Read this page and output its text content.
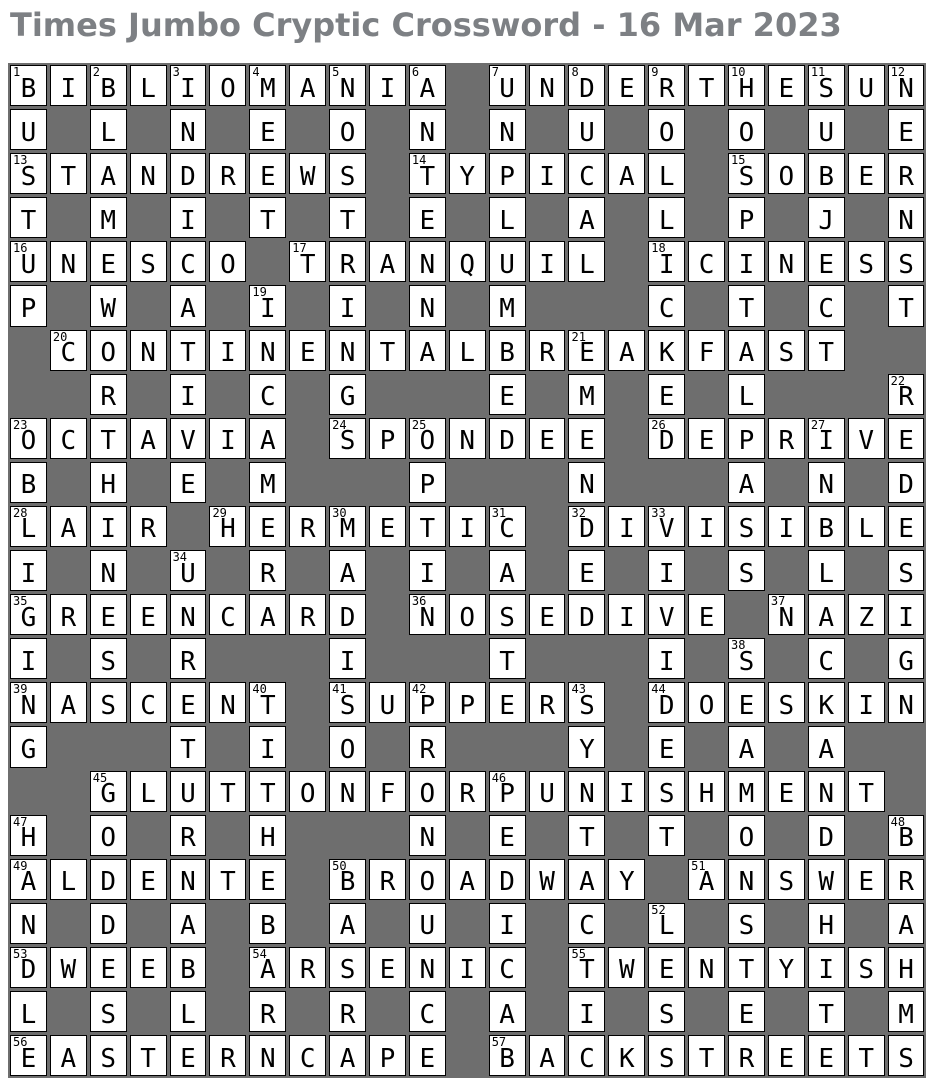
Times Jumbo Cryptic Crossword - 16 Mar 2023
1
B I
2
B L
3
I O
4
M A
5
N I
6
A
7
U N
8
D E
9
R T
10
H E
11
S U
12
N
U	L	N	E	O	N	N	U	O	O	U	E
13
S T A N D R E W S
14
T Y P I C A L
15
S O B E R
T	M	I	T	T	E	L	A	L	P	J	N
16
U N E S C O
17
T R A N Q U I L
18
I C I N E S S
P	W	A
19
I	I	N	M	C	T	C	T
20
C O N T I N E N T A L B R
21
E A K F A S T
R	I	C	G	E	M	E	L
22
R
23
O C T A V I A
24
S P
25
O N D E E
26
D E P R
27
I V E
B	H	E	M	P	N	A	N	D
28
L A I R
29
H E R
30
M E T I
31
C
32
D I
33
V I S I B L E
I	N
34
U	R	A	I	A	E	I	S	L	S
35
G R E E N C A R D
36
N O S E D I V E
37
N A Z I
I	S	R	I	T	I
38
S	C	G
39
N A S C E N
40
T
41
S U
42
P P E R
43
S
44
D O E S K I N
G	T	I	O	R	Y	E	A	A
45
G L U T T O N F O R
46
P U N I S H M E N T
47
H	O	R	H	N	E	T	T	O	D
48
B
49
A L D E N T E
50
B R O A D W A Y
51
A N S W E R
N	D	A	B	A	U	I	C
52
L	S	H	A
53
D W E E B
54
A R S E N I C
55
T W E N T Y I S H
L	S	L	R	R	C	A	I	S	E	T	M
56
E A S T E R N C A P E
57
B A C K S T R E E T S
